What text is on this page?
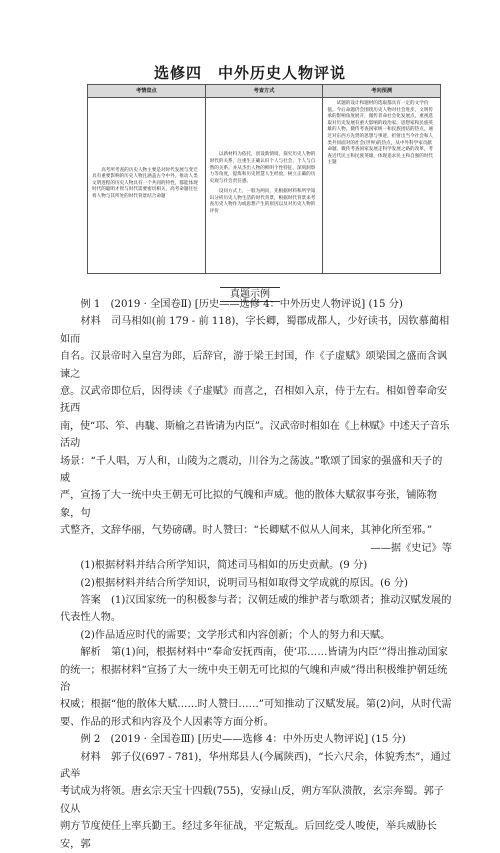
选修四　中外历史人物评说
考情盘点	考查方式	考向预测

高考所考查的历史人物主要是对时代发展与变迁具有重要影响的历史人物且涵盖古今中外。推动人类文明进程的历史人物具有一个共同的特性，都能体现时代的聪明才智与时代需要密切相关，高考命题往往将人物与其所处的时代背景结合命题

以新材料为依托，创设新情境，探究历史人物的时代的关系，注重生正确认识个人与社会、个人与自然的关系。并从杰出人物的鲜明个性特征、深刻洞察力等角度，提炼和历史智慧人生经验，树立正确的历史观与社会责任感。

设问方式上，一般为两问，先根据材料和所学知识分析历史人物生活的时代背景，根据时代背景来考查历史人物作为或思想产生的原因以及对历史人物的评价

试题的设计和题材的选取都具有一定的文学价值。今后命题仍会围绕历史人物对社会进步、文明传承的影响角度展开，微传者命社会化发展点。重视选取对历史发展有重大影响的政治家、思想家和民族英雄的人物、微传考查国家统一和民族团结的热点，通过对东西方先贤的思想与事迹，折射出当今社会和人类共同面对的社会(世界)的热点，从中外科学家贡献命题，微传考查国家发展走科学发展之路的改革，考查近代民主和民族英雄，体现追求民主和自强的时代主题

真题示例

例 1　(2019 · 全国卷Ⅱ) [历史——选修 4：中外历史人物评说] (15 分)

材料　司马相如(前 179 - 前 118)，字长卿，蜀郡成都人，少好读书，因钦慕蔺相如而

自名。汉景帝时入皇宫为郎，后辞官，游于梁王封国，作《子虚赋》颂梁国之盛而含讽谏之

意。汉武帝即位后，因得读《子虚赋》而喜之，召相如入京，侍于左右。相如曾奉命安抚西

南，使“邛、笮、冉駹、斯榆之君皆请为内臣”。汉武帝时相如在《上林赋》中述天子音乐活动

场景：“千人唱，万人和，山陵为之震动，川谷为之荡波。”歌颂了国家的强盛和天子的威

严，宣扬了大一统中央王朝无可比拟的气魄和声威。他的散体大赋叙事夸张，铺陈物象，句

式整齐，文辞华丽，气势磅礴。时人赞曰：“长卿赋不似从人间来，其神化所至邪。”

——据《史记》等

(1)根据材料并结合所学知识，简述司马相如的历史贡献。(9 分)

(2)根据材料并结合所学知识，说明司马相如取得文学成就的原因。(6 分)

答案　(1)汉国家统一的积极参与者；汉朝廷威的维护者与歌颂者；推动汉赋发展的

代表性人物。

(2)作品适应时代的需要；文学形式和内容创新；个人的努力和天赋。

解析　第(1)问，根据材料中“奉命安抚西南，使‘邛……皆请为内臣’”得出推动国家

的统一；根据材料“宣扬了大一统中央王朝无可比拟的气魄和声威”得出积极维护朝廷统治

权威；根据“他的散体大赋……时人赞曰……”可知推动了汉赋发展。第(2)问，从时代需

要、作品的形式和内容及个人因素等方面分析。

例 2　(2019 · 全国卷Ⅲ) [历史——选修 4：中外历史人物评说] (15 分)

材料　郭子仪(697 - 781)，华州郑县人(今属陕西)，“长六尺余，体貌秀杰”，通过武举

考试成为将领。唐玄宗天宝十四载(755)，安禄山反，朔方军队溃散，玄宗奔蜀。郭子仪从

朔方节度使任上率兵勤王。经过多年征战，平定叛乱。后回纥受人唆使，举兵威胁长安，郭
